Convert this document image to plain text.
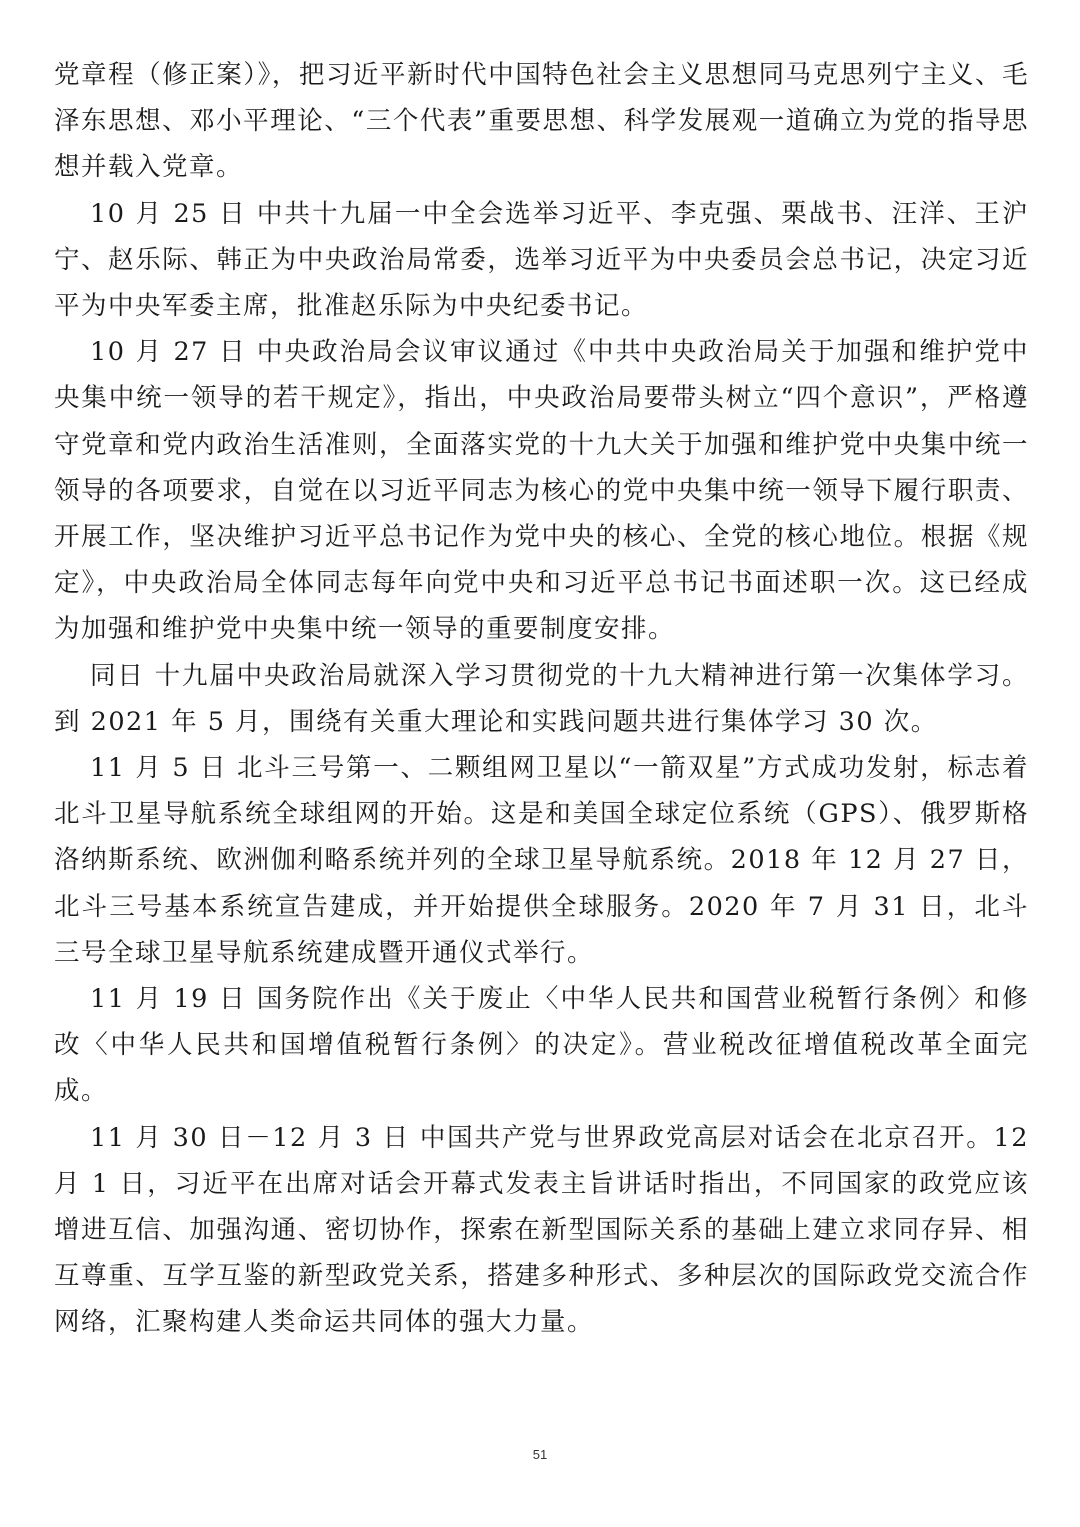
党章程（修正案）》，把习近平新时代中国特色社会主义思想同马克思列宁主义、毛泽东思想、邓小平理论、“三个代表”重要思想、科学发展观一道确立为党的指导思想并载入党章。

10 月 25 日 中共十九届一中全会选举习近平、李克强、栗战书、汪洋、王沪宁、赵乐际、韩正为中央政治局常委，选举习近平为中央委员会总书记，决定习近平为中央军委主席，批准赵乐际为中央纪委书记。

10 月 27 日 中央政治局会议审议通过《中共中央政治局关于加强和维护党中央集中统一领导的若干规定》，指出，中央政治局要带头树立“四个意识”，严格遵守党章和党内政治生活准则，全面落实党的十九大关于加强和维护党中央集中统一领导的各项要求，自觉在以习近平同志为核心的党中央集中统一领导下履行职责、开展工作，坚决维护习近平总书记作为党中央的核心、全党的核心地位。根据《规定》，中央政治局全体同志每年向党中央和习近平总书记书面述职一次。这已经成为加强和维护党中央集中统一领导的重要制度安排。

同日 十九届中央政治局就深入学习贯彻党的十九大精神进行第一次集体学习。到 2021 年 5 月，围绕有关重大理论和实践问题共进行集体学习 30 次。

11 月 5 日 北斗三号第一、二颗组网卫星以“一箭双星”方式成功发射，标志着北斗卫星导航系统全球组网的开始。这是和美国全球定位系统（GPS）、俄罗斯格洛纳斯系统、欧洲伽利略系统并列的全球卫星导航系统。2018 年 12 月 27 日，北斗三号基本系统宣告建成，并开始提供全球服务。2020 年 7 月 31 日，北斗三号全球卫星导航系统建成暨开通仪式举行。

11 月 19 日 国务院作出《关于废止〈中华人民共和国营业税暂行条例〉和修改〈中华人民共和国增值税暂行条例〉的决定》。营业税改征增值税改革全面完成。

11 月 30 日－12 月 3 日 中国共产党与世界政党高层对话会在北京召开。12 月 1 日，习近平在出席对话会开幕式发表主旨讲话时指出，不同国家的政党应该增进互信、加强沟通、密切协作，探索在新型国际关系的基础上建立求同存异、相互尊重、互学互鉴的新型政党关系，搭建多种形式、多种层次的国际政党交流合作网络，汇聚构建人类命运共同体的强大力量。

51
